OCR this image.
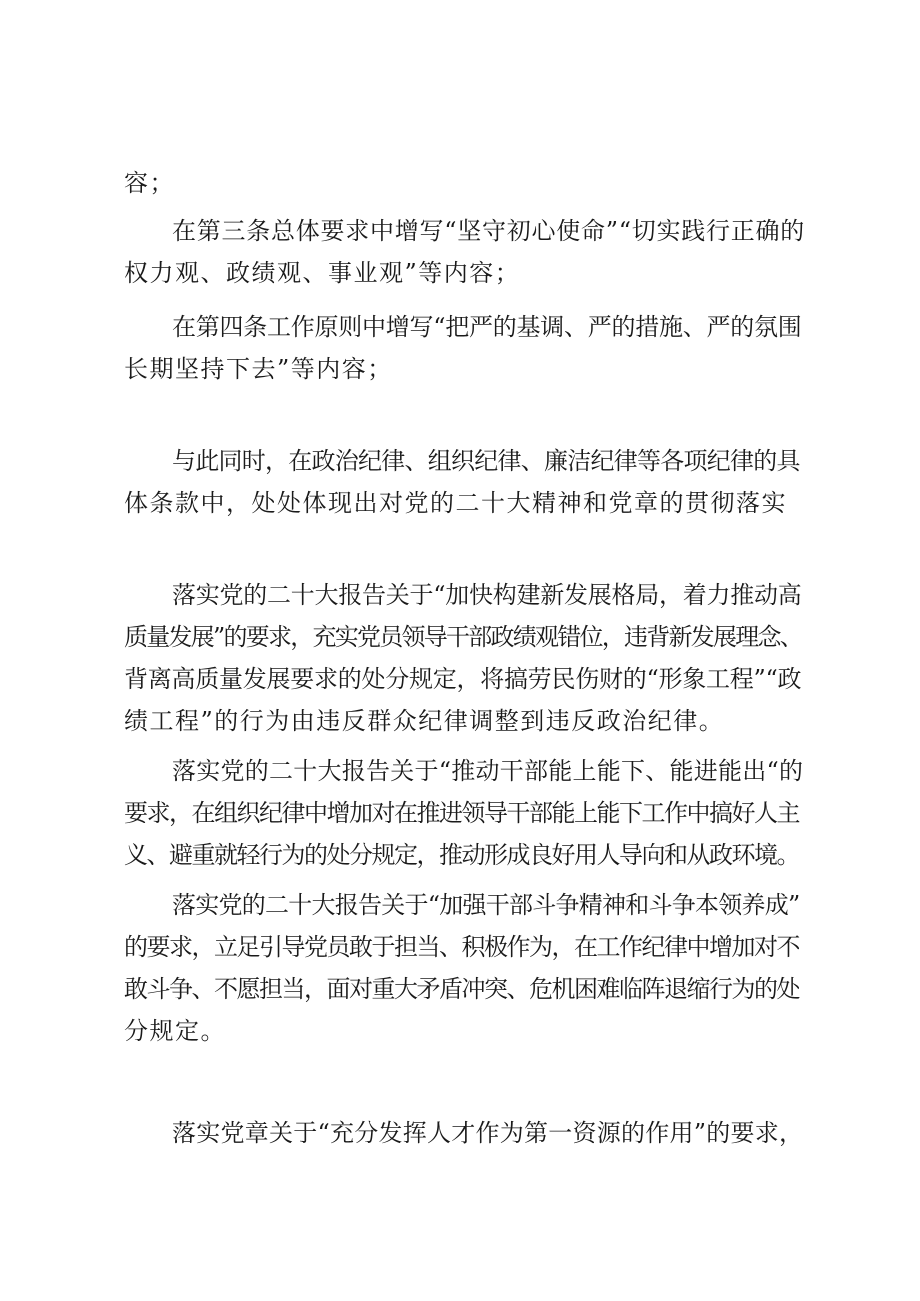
容；

在第三条总体要求中增写“坚守初心使命”“切实践行正确的
权力观、政绩观、事业观”等内容；

在第四条工作原则中增写“把严的基调、严的措施、严的氛围
长期坚持下去”等内容；

与此同时，在政治纪律、组织纪律、廉洁纪律等各项纪律的具
体条款中，处处体现出对党的二十大精神和党章的贯彻落实

落实党的二十大报告关于“加快构建新发展格局，着力推动高
质量发展”的要求，充实党员领导干部政绩观错位，违背新发展理念、
背离高质量发展要求的处分规定，将搞劳民伤财的“形象工程”“政
绩工程”的行为由违反群众纪律调整到违反政治纪律。

落实党的二十大报告关于“推动干部能上能下、能进能出“的
要求，在组织纪律中增加对在推进领导干部能上能下工作中搞好人主
义、避重就轻行为的处分规定，推动形成良好用人导向和从政环境。

落实党的二十大报告关于“加强干部斗争精神和斗争本领养成”
的要求，立足引导党员敢于担当、积极作为，在工作纪律中增加对不
敢斗争、不愿担当，面对重大矛盾冲突、危机困难临阵退缩行为的处
分规定。

落实党章关于“充分发挥人才作为第一资源的作用”的要求，
